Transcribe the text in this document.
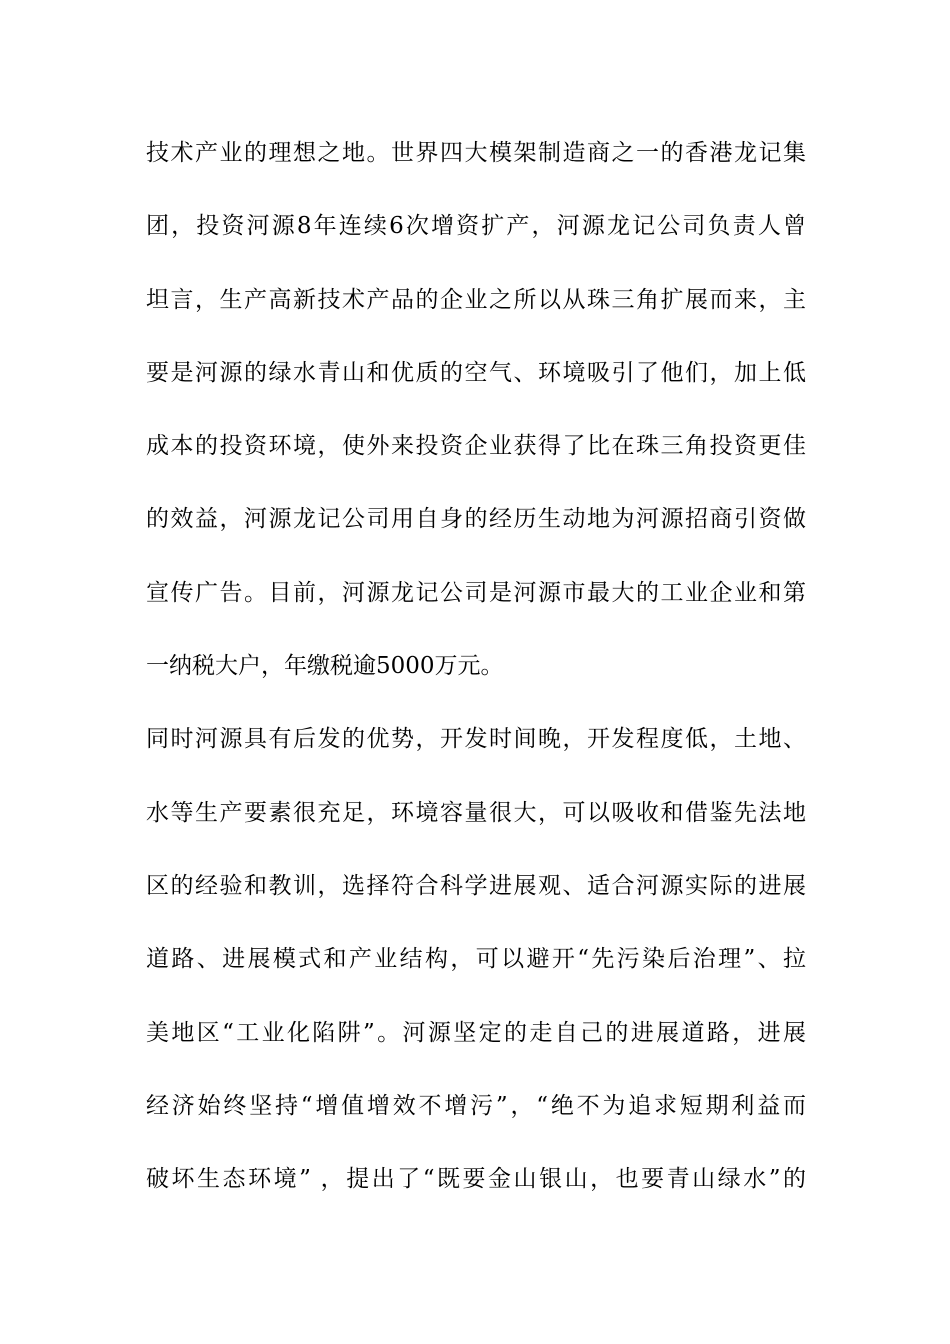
技术产业的理想之地。世界四大模架制造商之一的香港龙记集
团，投资河源8年连续6次增资扩产，河源龙记公司负责人曾
坦言，生产高新技术产品的企业之所以从珠三角扩展而来，主
要是河源的绿水青山和优质的空气、环境吸引了他们，加上低
成本的投资环境，使外来投资企业获得了比在珠三角投资更佳
的效益，河源龙记公司用自身的经历生动地为河源招商引资做
宣传广告。目前，河源龙记公司是河源市最大的工业企业和第
一纳税大户，年缴税逾5000万元。
同时河源具有后发的优势，开发时间晚，开发程度低，土地、
水等生产要素很充足，环境容量很大，可以吸收和借鉴先法地
区的经验和教训，选择符合科学进展观、适合河源实际的进展
道路、进展模式和产业结构，可以避开“先污染后治理”、拉
美地区“工业化陷阱”。河源坚定的走自己的进展道路，进展
经济始终坚持“增值增效不增污”，“绝不为追求短期利益而
破坏生态环境” ，提出了“既要金山银山，也要青山绿水”的
